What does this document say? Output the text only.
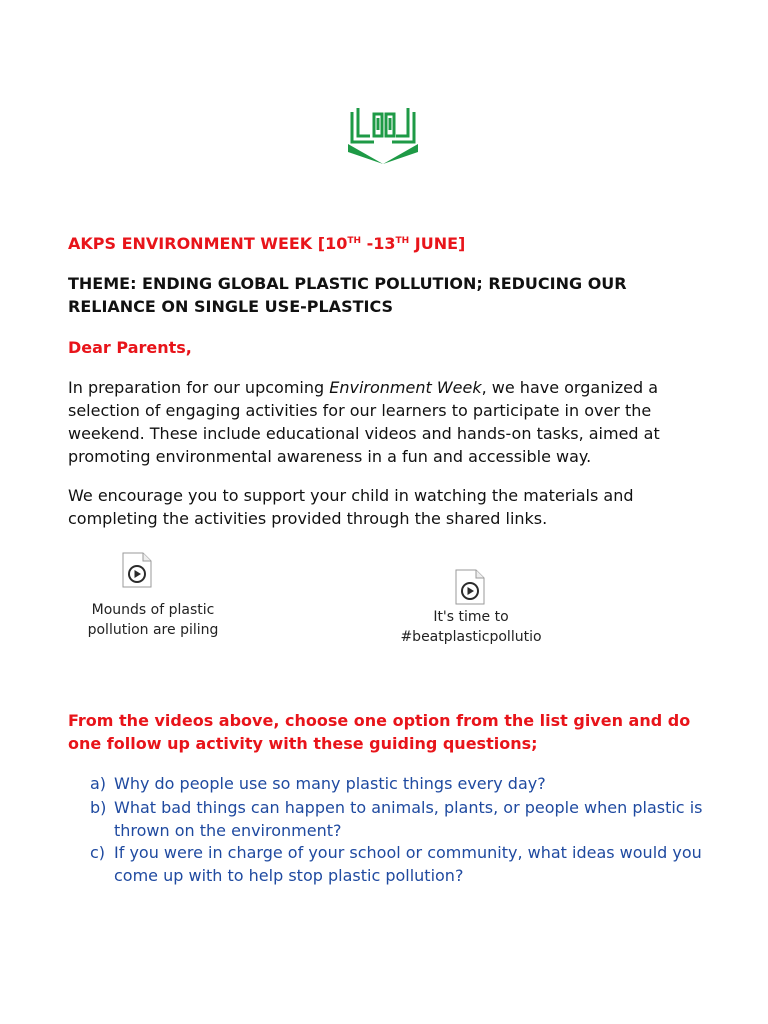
AKPS ENVIRONMENT WEEK [10TH -13TH JUNE]

THEME: ENDING GLOBAL PLASTIC POLLUTION; REDUCING OUR RELIANCE ON SINGLE USE-PLASTICS

Dear Parents,

In preparation for our upcoming Environment Week, we have organized a selection of engaging activities for our learners to participate in over the weekend. These include educational videos and hands-on tasks, aimed at promoting environmental awareness in a fun and accessible way.

We encourage you to support your child in watching the materials and completing the activities provided through the shared links.

Mounds of plastic pollution are piling
It's time to #beatplasticpollutio

From the videos above, choose one option from the list given and do one follow up activity with these guiding questions;

a) Why do people use so many plastic things every day?
b) What bad things can happen to animals, plants, or people when plastic is thrown on the environment?
c) If you were in charge of your school or community, what ideas would you come up with to help stop plastic pollution?
